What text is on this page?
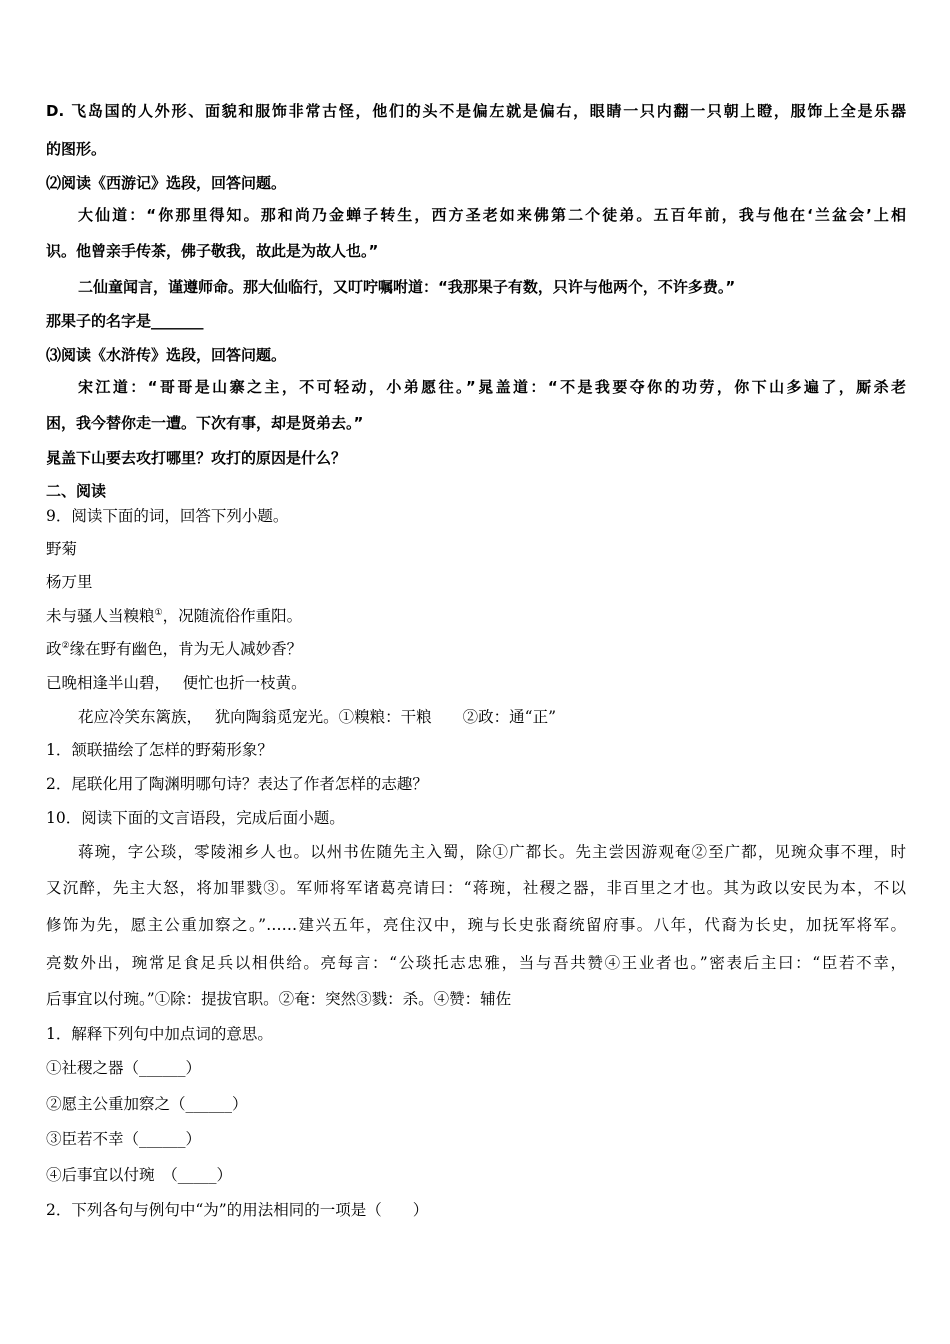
D. 飞岛国的人外形、面貌和服饰非常古怪，他们的头不是偏左就是偏右，眼睛一只内翻一只朝上瞪，服饰上全是乐器
的图形。
⑵阅读《西游记》选段，回答问题。
大仙道：“你那里得知。那和尚乃金蝉子转生，西方圣老如来佛第二个徒弟。五百年前，我与他在‘兰盆会’上相
识。他曾亲手传茶，佛子敬我，故此是为故人也。”
二仙童闻言，谨遵师命。那大仙临行，又叮咛嘱咐道：“我那果子有数，只许与他两个，不许多费。”
那果子的名字是_______
⑶阅读《水浒传》选段，回答问题。
宋江道：“哥哥是山寨之主，不可轻动，小弟愿往。”晁盖道：“不是我要夺你的功劳，你下山多遍了，厮杀老
困，我今替你走一遭。下次有事，却是贤弟去。”
晁盖下山要去攻打哪里？攻打的原因是什么？
二、阅读
9．阅读下面的词，回答下列小题。
野菊
杨万里
未与骚人当糗粮①，况随流俗作重阳。
政②缘在野有幽色，肯为无人减妙香？
已晚相逢半山碧，　 便忙也折一枝黄。
花应冷笑东篱族，　 犹向陶翁觅宠光。①糗粮：干粮　　②政：通“正”
1．颔联描绘了怎样的野菊形象？
2．尾联化用了陶渊明哪句诗？表达了作者怎样的志趣？
10．阅读下面的文言语段，完成后面小题。
蒋琬，字公琰，零陵湘乡人也。以州书佐随先主入蜀，除①广都长。先主尝因游观奄②至广都，见琬众事不理，时
又沉醉，先主大怒，将加罪戮③。军师将军诸葛亮请曰：“蒋琬，社稷之器，非百里之才也。其为政以安民为本，不以
修饰为先，愿主公重加察之。”……建兴五年，亮住汉中，琬与长史张裔统留府事。八年，代裔为长史，加抚军将军。
亮数外出，琬常足食足兵以相供给。亮每言：“公琰托志忠雅，当与吾共赞④王业者也。”密表后主曰：“臣若不幸，
后事宜以付琬。”①除：提拔官职。②奄：突然③戮：杀。④赞：辅佐
1．解释下列句中加点词的意思。
①社稷之器（______）
②愿主公重加察之（______）
③臣若不幸（______）
④后事宜以付琬　（_____）
2．下列各句与例句中“为”的用法相同的一项是（　　）
